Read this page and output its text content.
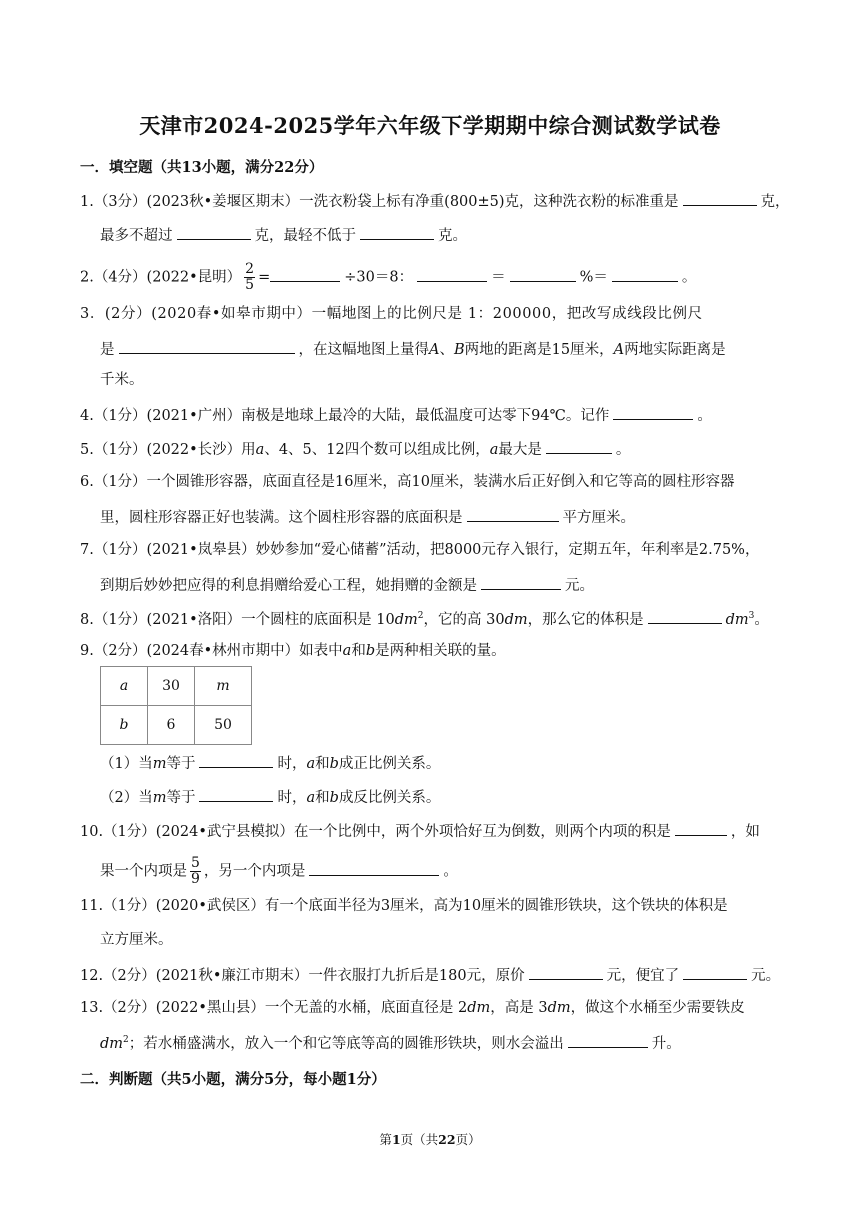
天津市2024-2025学年六年级下学期期中综合测试数学试卷
一．填空题（共13小题，满分22分）
1.（3分）(2023秋•姜堰区期末）一洗衣粉袋上标有净重(800±5)克，这种洗衣粉的标准重是	克，
最多不超过	克，最轻不低于	克。
2.（4分）(2022•昆明） $\frac{2}{5}$ =	÷30＝8：	＝	%＝	。
3．(2分）(2020春•如皋市期中）一幅地图上的比例尺是 1：200000，把改写成线段比例尺
是	，在这幅地图上量得A、B两地的距离是15厘米，A两地实际距离是
千米。
4.（1分）(2021•广州）南极是地球上最冷的大陆，最低温度可达零下94℃。记作	。
5.（1分）(2022•长沙）用a、4、5、12四个数可以组成比例，a最大是	。
6.（1分）一个圆锥形容器，底面直径是16厘米，高10厘米，装满水后正好倒入和它等高的圆柱形容器
里，圆柱形容器正好也装满。这个圆柱形容器的底面积是	平方厘米。
7.（1分）(2021•岚皋县）妙妙参加“爱心储蓄”活动，把8000元存入银行，定期五年，年利率是2.75%，
到期后妙妙把应得的利息捐赠给爱心工程，她捐赠的金额是	元。
8.（1分）(2021•洛阳）一个圆柱的底面积是 $10dm^2$，它的高 30dm，那么它的体积是	$dm^3$。
9.（2分）(2024春•林州市期中）如表中a和b是两种相关联的量。
a	30	m
b	6	50
（1）当m等于	时，a和b成正比例关系。
（2）当m等于	时，a和b成反比例关系。
10.（1分）(2024•武宁县模拟）在一个比例中，两个外项恰好互为倒数，则两个内项的积是	，如
果一个内项是 $\frac{5}{9}$ ，另一个内项是	。
11.（1分）(2020•武侯区）有一个底面半径为3厘米，高为10厘米的圆锥形铁块，这个铁块的体积是
立方厘米。
12.（2分）(2021秋•廉江市期末）一件衣服打九折后是180元，原价	元，便宜了	元。
13.（2分）(2022•黑山县）一个无盖的水桶，底面直径是 2dm，高是 3dm，做这个水桶至少需要铁皮
$dm^2$；若水桶盛满水，放入一个和它等底等高的圆锥形铁块，则水会溢出	升。
二．判断题（共5小题，满分5分，每小题1分）
第1页（共22页）
